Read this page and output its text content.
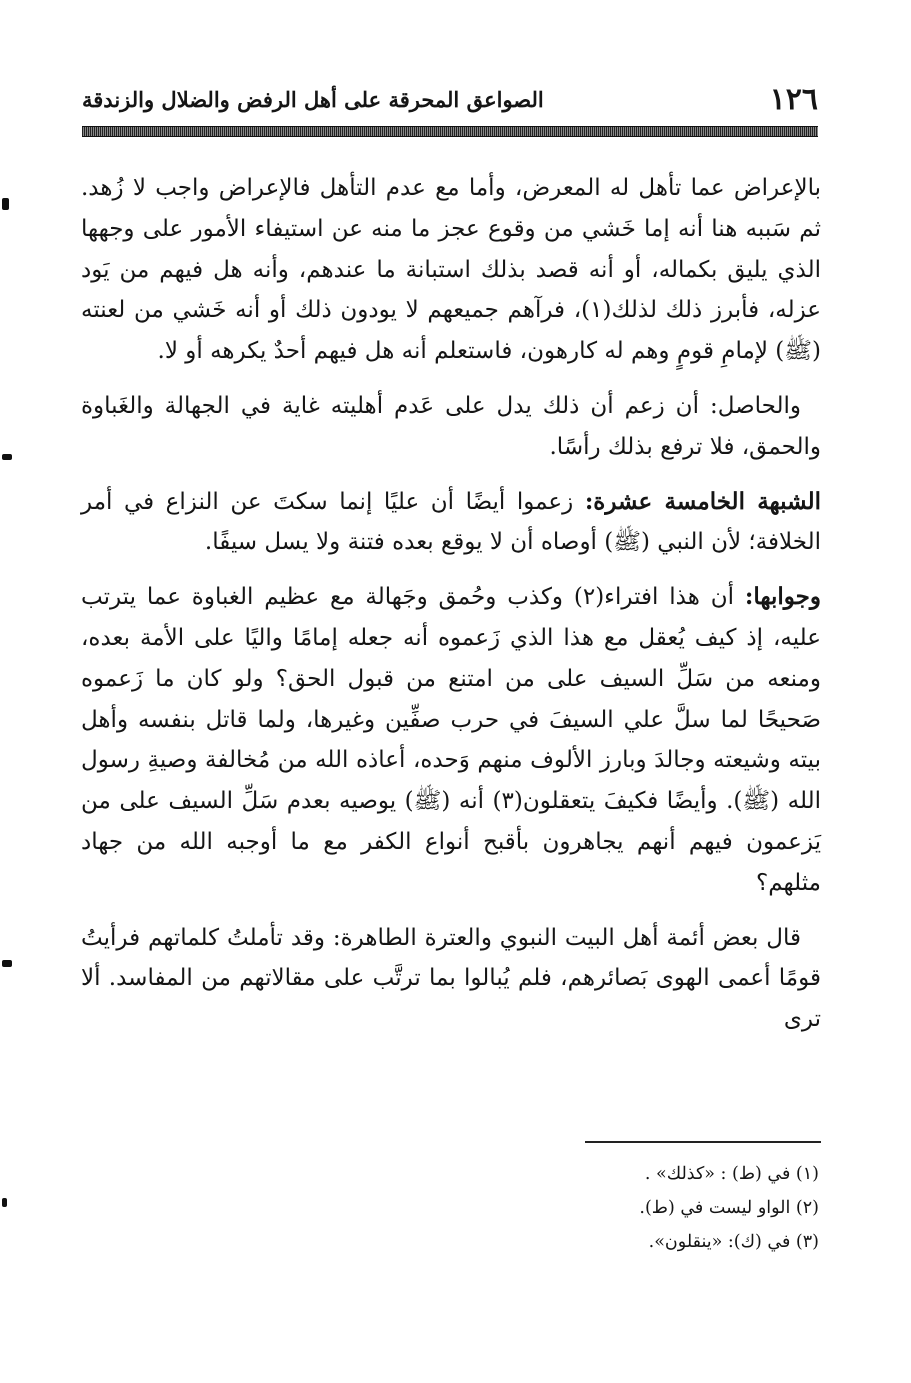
١٢٦
الصواعق المحرقة على أهل الرفض والضلال والزندقة

بالإعراض عما تأهل له المعرض، وأما مع عدم التأهل فالإعراض واجب لا زُهد. ثم سَببه هنا أنه إما خَشي من وقوع عجز ما منه عن استيفاء الأمور على وجهها الذي يليق بكماله، أو أنه قصد بذلك استبانة ما عندهم، وأنه هل فيهم من يَود عزله، فأبرز ذلك لذلك(١)، فرآهم جميعهم لا يودون ذلك أو أنه خَشي من لعنته (ﷺ) لإمامِ قومٍ وهم له كارهون، فاستعلم أنه هل فيهم أحدٌ يكرهه أو لا.

والحاصل: أن زعم أن ذلك يدل على عَدم أهليته غاية في الجهالة والغَباوة والحمق، فلا ترفع بذلك رأسًا.

الشبهة الخامسة عشرة: زعموا أيضًا أن عليًا إنما سكتَ عن النزاع في أمر الخلافة؛ لأن النبي (ﷺ) أوصاه أن لا يوقع بعده فتنة ولا يسل سيفًا.

وجوابها: أن هذا افتراء(٢) وكذب وحُمق وجَهالة مع عظيم الغباوة عما يترتب عليه، إذ كيف يُعقل مع هذا الذي زَعموه أنه جعله إمامًا واليًا على الأمة بعده، ومنعه من سَلِّ السيف على من امتنع من قبول الحق؟ ولو كان ما زَعموه صَحيحًا لما سلَّ علي السيفَ في حرب صفِّين وغيرها، ولما قاتل بنفسه وأهل بيته وشيعته وجالدَ وبارز الألوف منهم وَحده، أعاذه الله من مُخالفة وصيةِ رسول الله (ﷺ). وأيضًا فكيفَ يتعقلون(٣) أنه (ﷺ) يوصيه بعدم سَلِّ السيف على من يَزعمون فيهم أنهم يجاهرون بأقبح أنواع الكفر مع ما أوجبه الله من جهاد مثلهم؟

قال بعض أئمة أهل البيت النبوي والعترة الطاهرة: وقد تأملتُ كلماتهم فرأيتُ قومًا أعمى الهوى بَصائرهم، فلم يُبالوا بما ترتَّب على مقالاتهم من المفاسد. ألا ترى

(١) في (ط) : «كذلك» .
(٢) الواو ليست في (ط).
(٣) في (ك): «ينقلون».
